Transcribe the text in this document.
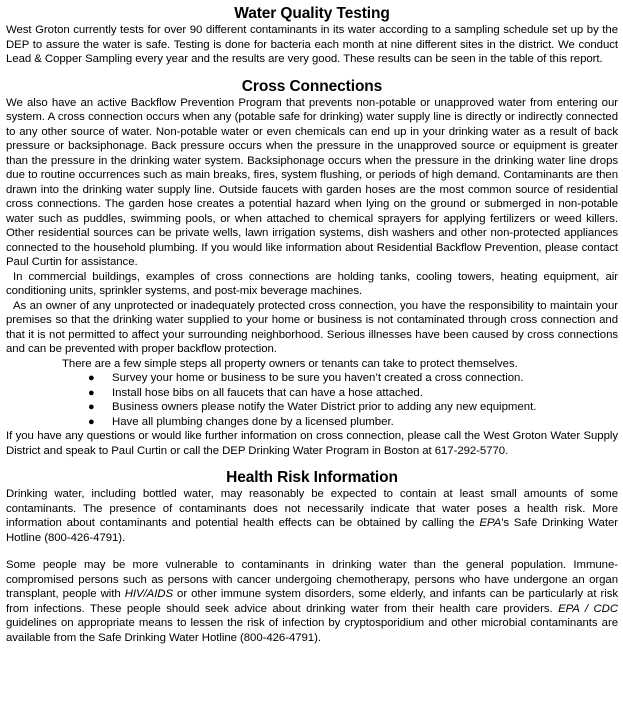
Water Quality Testing

West Groton currently tests for over 90 different contaminants in its water according to a sampling schedule set up by the DEP to assure the water is safe. Testing is done for bacteria each month at nine different sites in the district. We conduct Lead & Copper Sampling every year and the results are very good. These results can be seen in the table of this report.

Cross Connections

We also have an active Backflow Prevention Program that prevents non-potable or unapproved water from entering our system. A cross connection occurs when any (potable safe for drinking) water supply line is directly or indirectly connected to any other source of water. Non-potable water or even chemicals can end up in your drinking water as a result of back pressure or backsiphonage. Back pressure occurs when the pressure in the unapproved source or equipment is greater than the pressure in the drinking water system. Backsiphonage occurs when the pressure in the drinking water line drops due to routine occurrences such as main breaks, fires, system flushing, or periods of high demand. Contaminants are then drawn into the drinking water supply line. Outside faucets with garden hoses are the most common source of residential cross connections. The garden hose creates a potential hazard when lying on the ground or submerged in non-potable water such as puddles, swimming pools, or when attached to chemical sprayers for applying fertilizers or weed killers. Other residential sources can be private wells, lawn irrigation systems, dish washers and other non-protected appliances connected to the household plumbing. If you would like information about Residential Backflow Prevention, please contact Paul Curtin for assistance.

In commercial buildings, examples of cross connections are holding tanks, cooling towers, heating equipment, air conditioning units, sprinkler systems, and post-mix beverage machines.

As an owner of any unprotected or inadequately protected cross connection, you have the responsibility to maintain your premises so that the drinking water supplied to your home or business is not contaminated through cross connection and that it is not permitted to affect your surrounding neighborhood. Serious illnesses have been caused by cross connections and can be prevented with proper backflow protection.

There are a few simple steps all property owners or tenants can take to protect themselves.

● Survey your home or business to be sure you haven’t created a cross connection.
● Install hose bibs on all faucets that can have a hose attached.
● Business owners please notify the Water District prior to adding any new equipment.
● Have all plumbing changes done by a licensed plumber.

If you have any questions or would like further information on cross connection, please call the West Groton Water Supply District and speak to Paul Curtin or call the DEP Drinking Water Program in Boston at 617-292-5770.

Health Risk Information

Drinking water, including bottled water, may reasonably be expected to contain at least small amounts of some contaminants. The presence of contaminants does not necessarily indicate that water poses a health risk. More information about contaminants and potential health effects can be obtained by calling the EPA’s Safe Drinking Water Hotline (800-426-4791).

Some people may be more vulnerable to contaminants in drinking water than the general population. Immune-compromised persons such as persons with cancer undergoing chemotherapy, persons who have undergone an organ transplant, people with HIV/AIDS or other immune system disorders, some elderly, and infants can be particularly at risk from infections. These people should seek advice about drinking water from their health care providers. EPA / CDC guidelines on appropriate means to lessen the risk of infection by cryptosporidium and other microbial contaminants are available from the Safe Drinking Water Hotline (800-426-4791).
